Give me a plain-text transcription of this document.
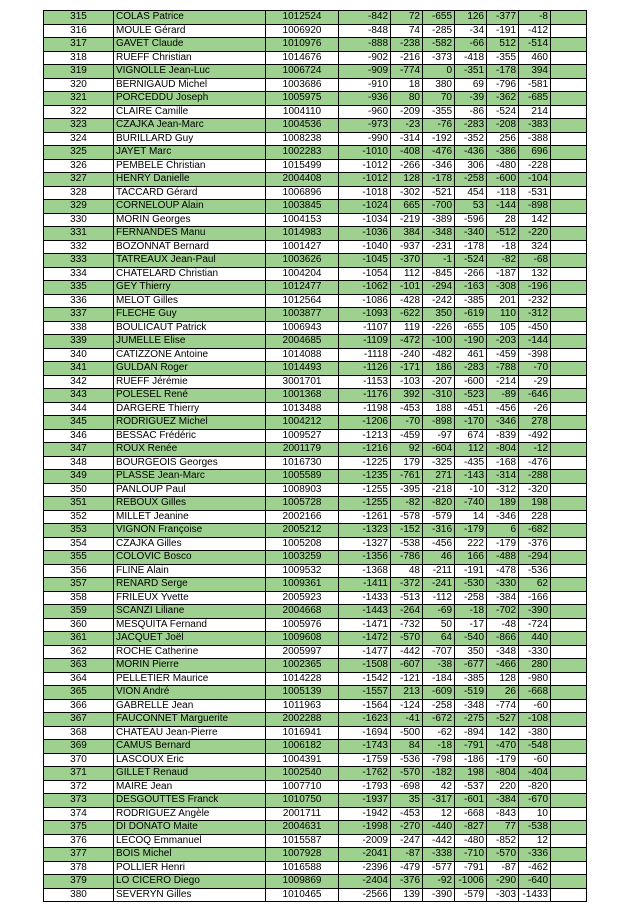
315	COLAS Patrice	1012524	-842	72	-655	126	-377	-8	
316	MOULE Gérard	1006920	-848	74	-285	-34	-191	-412	
317	GAVET Claude	1010976	-888	-238	-582	-66	512	-514	
318	RUEFF Christian	1014676	-902	-216	-373	-418	-355	460	
319	VIGNOLLE Jean-Luc	1006724	-909	-774	0	-351	-178	394	
320	BERNIGAUD Michel	1003686	-910	18	380	69	-796	-581	
321	PORCEDDU Joseph	1005975	-936	80	70	-39	-362	-685	
322	CLAIRE Camille	1004110	-960	-209	-355	-86	-524	214	
323	CZAJKA Jean-Marc	1004536	-973	-23	-76	-283	-208	-383	
324	BURILLARD Guy	1008238	-990	-314	-192	-352	256	-388	
325	JAYET Marc	1002283	-1010	-408	-476	-436	-386	696	
326	PEMBELE Christian	1015499	-1012	-266	-346	306	-480	-228	
327	HENRY Danielle	2004408	-1012	128	-178	-258	-600	-104	
328	TACCARD Gérard	1006896	-1018	-302	-521	454	-118	-531	
329	CORNELOUP Alain	1003845	-1024	665	-700	53	-144	-898	
330	MORIN Georges	1004153	-1034	-219	-389	-596	28	142	
331	FERNANDES Manu	1014983	-1036	384	-348	-340	-512	-220	
332	BOZONNAT Bernard	1001427	-1040	-937	-231	-178	-18	324	
333	TATREAUX Jean-Paul	1003626	-1045	-370	-1	-524	-82	-68	
334	CHATELARD Christian	1004204	-1054	112	-845	-266	-187	132	
335	GEY Thierry	1012477	-1062	-101	-294	-163	-308	-196	
336	MELOT Gilles	1012564	-1086	-428	-242	-385	201	-232	
337	FLECHE Guy	1003877	-1093	-622	350	-619	110	-312	
338	BOULICAUT Patrick	1006943	-1107	119	-226	-655	105	-450	
339	JUMELLE Elise	2004685	-1109	-472	-100	-190	-203	-144	
340	CATIZZONE Antoine	1014088	-1118	-240	-482	461	-459	-398	
341	GULDAN Roger	1014493	-1126	-171	186	-283	-788	-70	
342	RUEFF Jérémie	3001701	-1153	-103	-207	-600	-214	-29	
343	POLESEL René	1001368	-1176	392	-310	-523	-89	-646	
344	DARGERE Thierry	1013488	-1198	-453	188	-451	-456	-26	
345	RODRIGUEZ Michel	1004212	-1206	-70	-898	-170	-346	278	
346	BESSAC Frédéric	1009527	-1213	-459	-97	674	-839	-492	
347	ROUX Renée	2001179	-1216	92	-604	112	-804	-12	
348	BOURGEOIS Georges	1016730	-1225	179	-325	-435	-168	-476	
349	PLASSE Jean-Marc	1005589	-1235	-761	271	-143	-314	-288	
350	PANLOUP Paul	1008903	-1255	-395	-218	-10	-312	-320	
351	REBOUX Gilles	1005728	-1255	-82	-820	-740	189	198	
352	MILLET Jeanine	2002166	-1261	-578	-579	14	-346	228	
353	VIGNON Françoise	2005212	-1323	-152	-316	-179	6	-682	
354	CZAJKA Gilles	1005208	-1327	-538	-456	222	-179	-376	
355	COLOVIC Bosco	1003259	-1356	-786	46	166	-488	-294	
356	FLINE Alain	1009532	-1368	48	-211	-191	-478	-536	
357	RENARD Serge	1009361	-1411	-372	-241	-530	-330	62	
358	FRILEUX Yvette	2005923	-1433	-513	-112	-258	-384	-166	
359	SCANZI Liliane	2004668	-1443	-264	-69	-18	-702	-390	
360	MESQUITA Fernand	1005976	-1471	-732	50	-17	-48	-724	
361	JACQUET Joël	1009608	-1472	-570	64	-540	-866	440	
362	ROCHE Catherine	2005997	-1477	-442	-707	350	-348	-330	
363	MORIN Pierre	1002365	-1508	-607	-38	-677	-466	280	
364	PELLETIER Maurice	1014228	-1542	-121	-184	-385	128	-980	
365	VION André	1005139	-1557	213	-609	-519	26	-668	
366	GABRELLE Jean	1011963	-1564	-124	-258	-348	-774	-60	
367	FAUCONNET Marguerite	2002288	-1623	-41	-672	-275	-527	-108	
368	CHATEAU Jean-Pierre	1016941	-1694	-500	-62	-894	142	-380	
369	CAMUS Bernard	1006182	-1743	84	-18	-791	-470	-548	
370	LASCOUX Eric	1004391	-1759	-536	-798	-186	-179	-60	
371	GILLET Renaud	1002540	-1762	-570	-182	198	-804	-404	
372	MAIRE Jean	1007710	-1793	-698	42	-537	220	-820	
373	DESGOUTTES Franck	1010750	-1937	35	-317	-601	-384	-670	
374	RODRIGUEZ Angèle	2001711	-1942	-453	12	-668	-843	10	
375	DI DONATO Maite	2004631	-1998	-270	-440	-827	77	-538	
376	LECOQ Emmanuel	1015587	-2009	-247	-442	-480	-852	12	
377	BOIS Michel	1007928	-2041	-87	-338	-710	-570	-336	
378	POLLIER Henri	1016588	-2396	-479	-577	-791	-87	-462	
379	LO CICERO Diego	1009869	-2404	-376	-92	-1006	-290	-640	
380	SEVERYN Gilles	1010465	-2566	139	-390	-579	-303	-1433	
